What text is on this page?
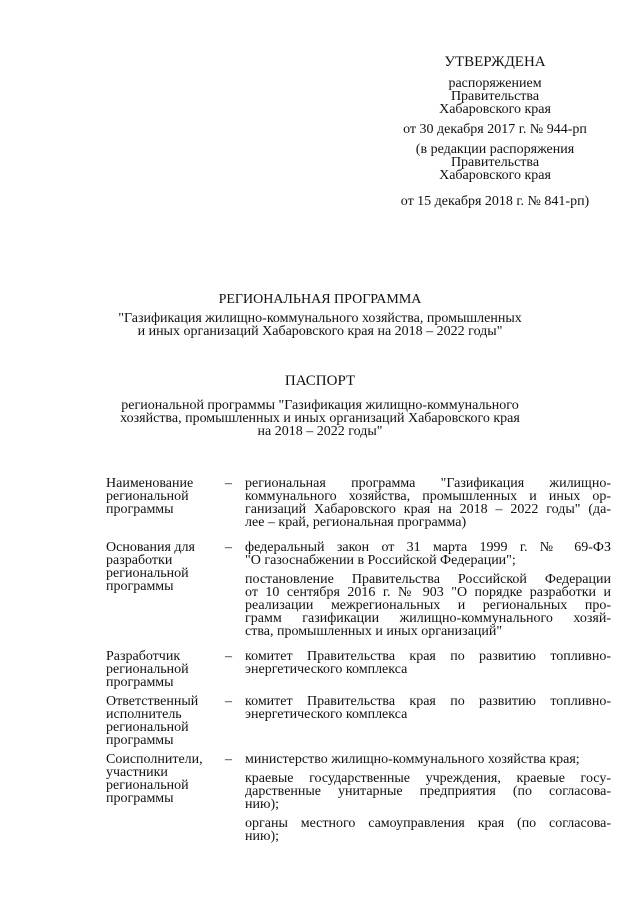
УТВЕРЖДЕНА
распоряжением
Правительства
Хабаровского края
от 30 декабря 2017 г. № 944-рп
(в редакции распоряжения
Правительства
Хабаровского края
от 15 декабря 2018 г. № 841-рп)
РЕГИОНАЛЬНАЯ ПРОГРАММА
"Газификация жилищно-коммунального хозяйства, промышленных
и иных организаций Хабаровского края на 2018 – 2022 годы"
ПАСПОРТ
региональной программы "Газификация жилищно-коммунального
хозяйства, промышленных и иных организаций Хабаровского края
на 2018 – 2022 годы"
Наименование
региональной
программы
– региональная программа "Газификация жилищно-
коммунального хозяйства, промышленных и иных ор-
ганизаций Хабаровского края на 2018 – 2022 годы" (да-
лее – край, региональная программа)
Основания для
разработки
региональной
программы
– федеральный закон от 31 марта 1999 г. № 69-ФЗ
"О газоснабжении в Российской Федерации";
постановление Правительства Российской Федерации
от 10 сентября 2016 г. № 903 "О порядке разработки и
реализации межрегиональных и региональных про-
грамм газификации жилищно-коммунального хозяй-
ства, промышленных и иных организаций"
Разработчик
региональной
программы
– комитет Правительства края по развитию топливно-
энергетического комплекса
Ответственный
исполнитель
региональной
программы
– комитет Правительства края по развитию топливно-
энергетического комплекса
Соисполнители,
участники
региональной
программы
– министерство жилищно-коммунального хозяйства края;
краевые государственные учреждения, краевые госу-
дарственные унитарные предприятия (по согласова-
нию);
органы местного самоуправления края (по согласова-
нию);
